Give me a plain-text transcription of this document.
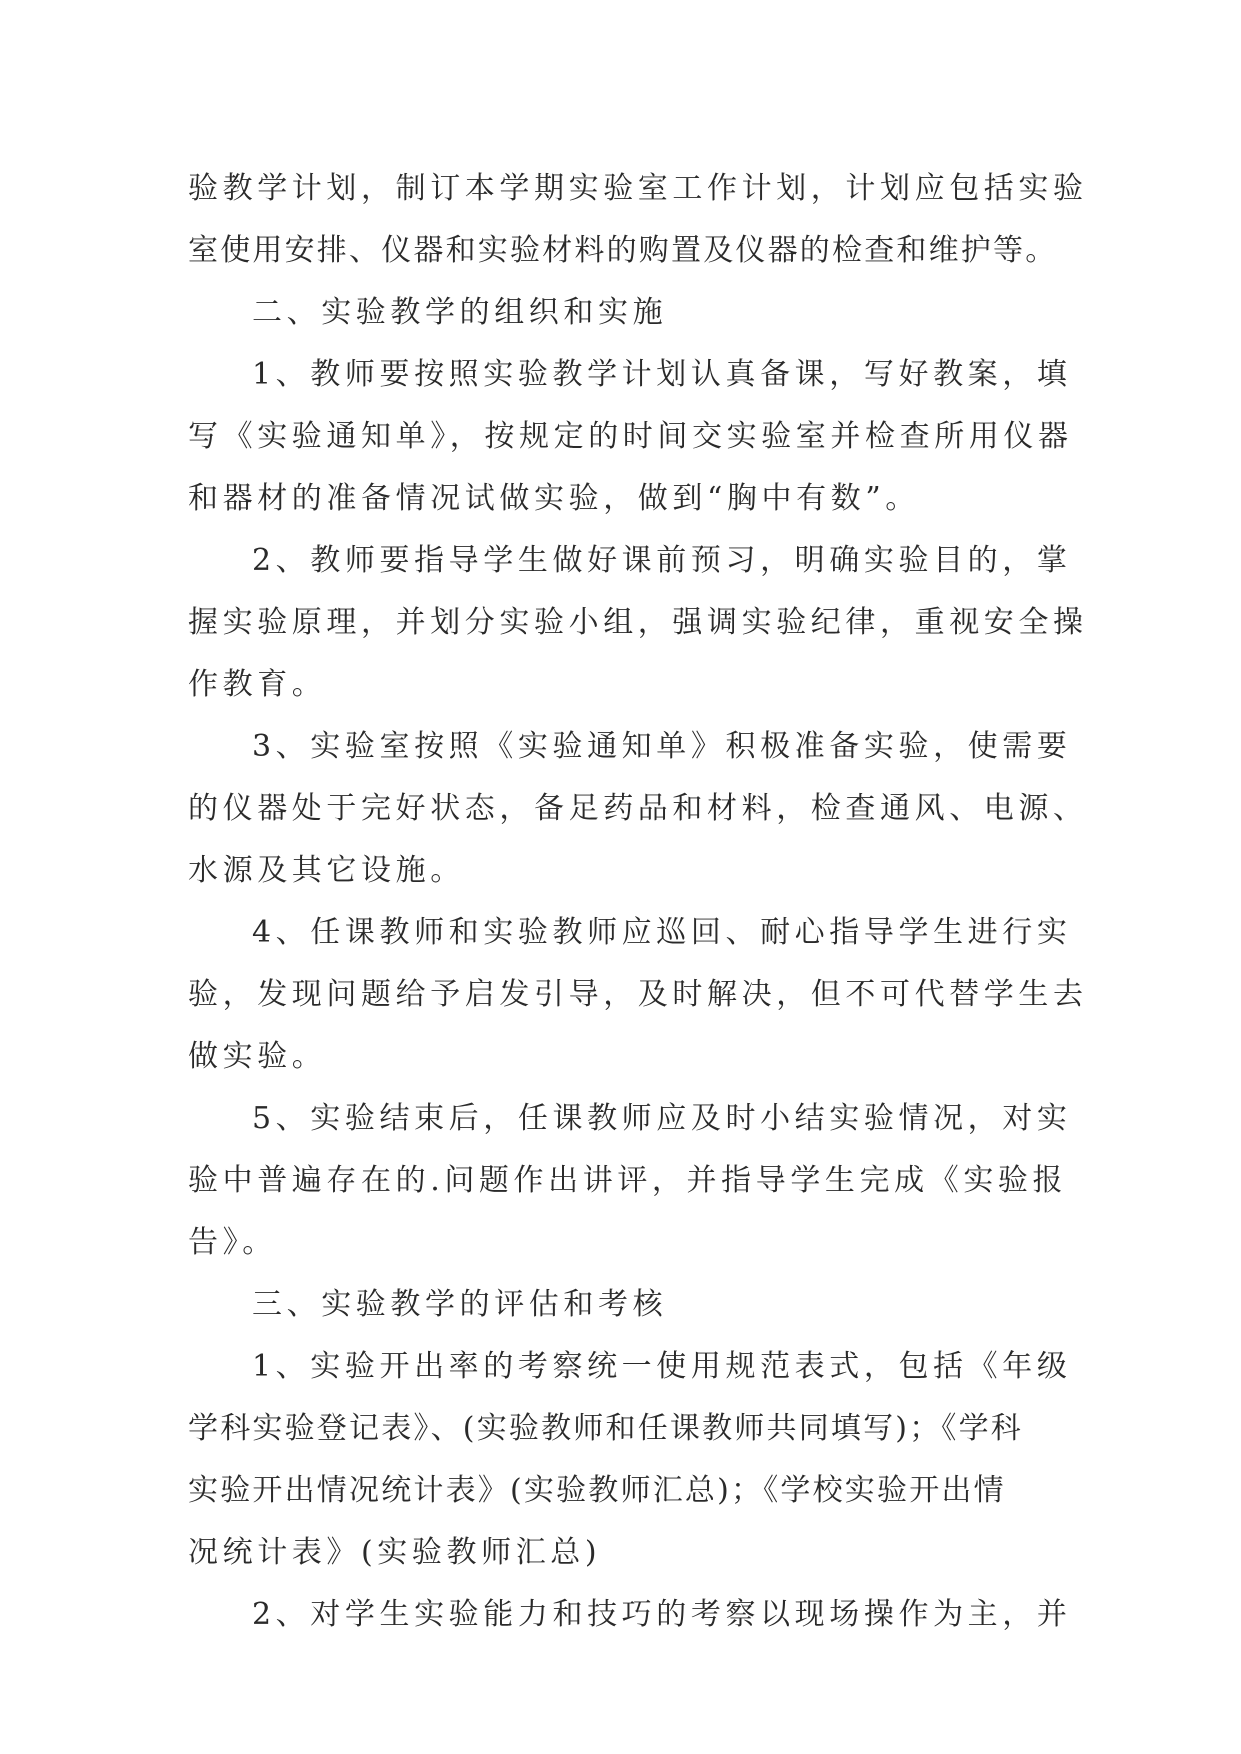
验教学计划，制订本学期实验室工作计划，计划应包括实验
室使用安排、仪器和实验材料的购置及仪器的检查和维护等。
二、实验教学的组织和实施
1、教师要按照实验教学计划认真备课，写好教案，填
写《实验通知单》，按规定的时间交实验室并检查所用仪器
和器材的准备情况试做实验，做到“胸中有数”。
2、教师要指导学生做好课前预习，明确实验目的，掌
握实验原理，并划分实验小组，强调实验纪律，重视安全操
作教育。
3、实验室按照《实验通知单》积极准备实验，使需要
的仪器处于完好状态，备足药品和材料，检查通风、电源、
水源及其它设施。
4、任课教师和实验教师应巡回、耐心指导学生进行实
验，发现问题给予启发引导，及时解决，但不可代替学生去
做实验。
5、实验结束后，任课教师应及时小结实验情况，对实
验中普遍存在的.问题作出讲评，并指导学生完成《实验报
告》。
三、实验教学的评估和考核
1、实验开出率的考察统一使用规范表式，包括《年级
学科实验登记表》、(实验教师和任课教师共同填写)；《学科
实验开出情况统计表》(实验教师汇总)；《学校实验开出情
况统计表》(实验教师汇总)
2、对学生实验能力和技巧的考察以现场操作为主，并
